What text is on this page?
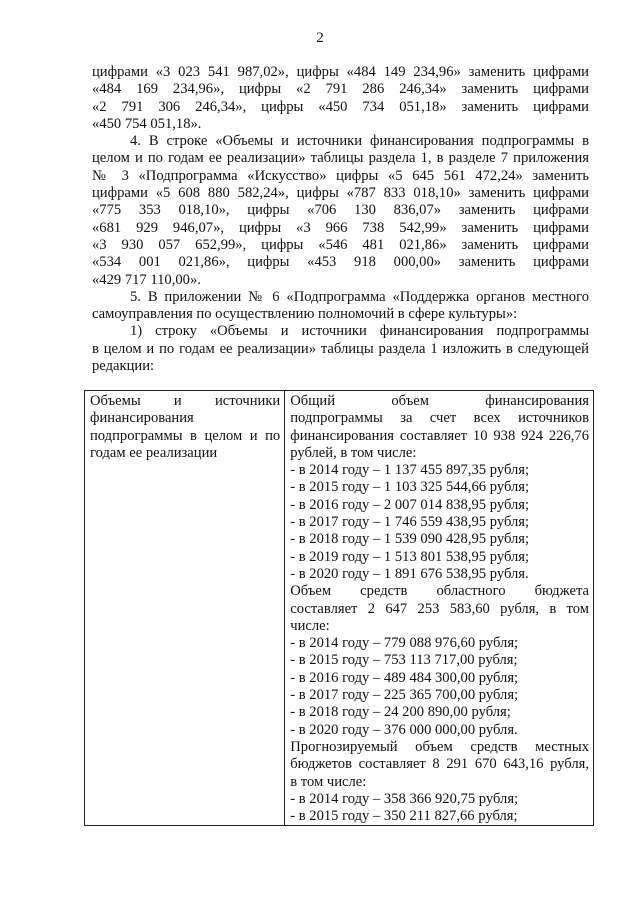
2
цифрами «3 023 541 987,02», цифры «484 149 234,96» заменить цифрами
«484 169 234,96», цифры «2 791 286 246,34» заменить цифрами
«2 791 306 246,34», цифры «450 734 051,18» заменить цифрами
«450 754 051,18».
4. В строке «Объемы и источники финансирования подпрограммы в
целом и по годам ее реализации» таблицы раздела 1, в разделе 7 приложения
№ 3 «Подпрограмма «Искусство» цифры «5 645 561 472,24» заменить
цифрами «5 608 880 582,24», цифры «787 833 018,10» заменить цифрами
«775 353 018,10», цифры «706 130 836,07» заменить цифрами
«681 929 946,07», цифры «3 966 738 542,99» заменить цифрами
«3 930 057 652,99», цифры «546 481 021,86» заменить цифрами
«534 001 021,86», цифры «453 918 000,00» заменить цифрами
«429 717 110,00».
5. В приложении № 6 «Подпрограмма «Поддержка органов местного
самоуправления по осуществлению полномочий в сфере культуры»:
1) строку «Объемы и источники финансирования подпрограммы
в целом и по годам ее реализации» таблицы раздела 1 изложить в следующей
редакции:
Объемы и источники
финансирования
подпрограммы в целом и по
годам ее реализации

Общий объем финансирования
подпрограммы за счет всех источников
финансирования составляет 10 938 924 226,76
рублей, в том числе:
- в 2014 году – 1 137 455 897,35 рубля;
- в 2015 году – 1 103 325 544,66 рубля;
- в 2016 году – 2 007 014 838,95 рубля;
- в 2017 году – 1 746 559 438,95 рубля;
- в 2018 году – 1 539 090 428,95 рубля;
- в 2019 году – 1 513 801 538,95 рубля;
- в 2020 году – 1 891 676 538,95 рубля.
Объем средств областного бюджета
составляет 2 647 253 583,60 рубля, в том
числе:
- в 2014 году – 779 088 976,60 рубля;
- в 2015 году – 753 113 717,00 рубля;
- в 2016 году – 489 484 300,00 рубля;
- в 2017 году – 225 365 700,00 рубля;
- в 2018 году – 24 200 890,00 рубля;
- в 2020 году – 376 000 000,00 рубля.
Прогнозируемый объем средств местных
бюджетов составляет 8 291 670 643,16 рубля,
в том числе:
- в 2014 году – 358 366 920,75 рубля;
- в 2015 году – 350 211 827,66 рубля;
